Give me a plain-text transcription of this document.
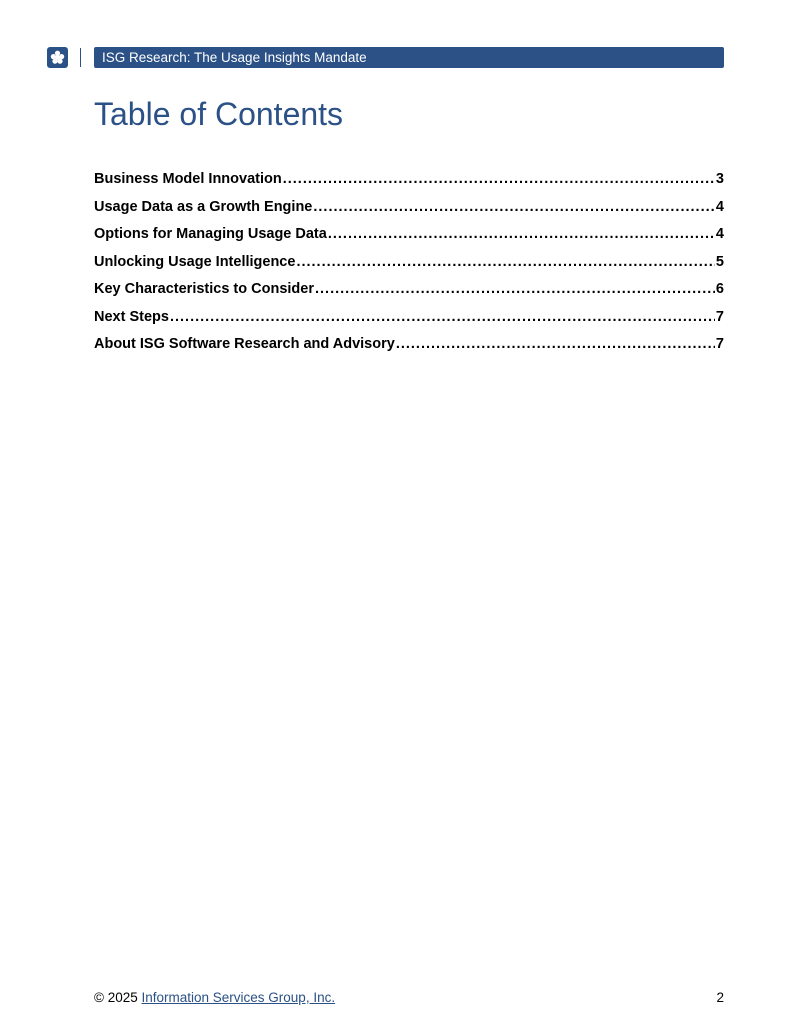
ISG Research: The Usage Insights Mandate
Table of Contents
Business Model Innovation .....	3
Usage Data as a Growth Engine .....	4
Options for Managing Usage Data .....	4
Unlocking Usage Intelligence .....	5
Key Characteristics to Consider .....	6
Next Steps .....	7
About ISG Software Research and Advisory .....	7
© 2025 Information Services Group, Inc.	2
